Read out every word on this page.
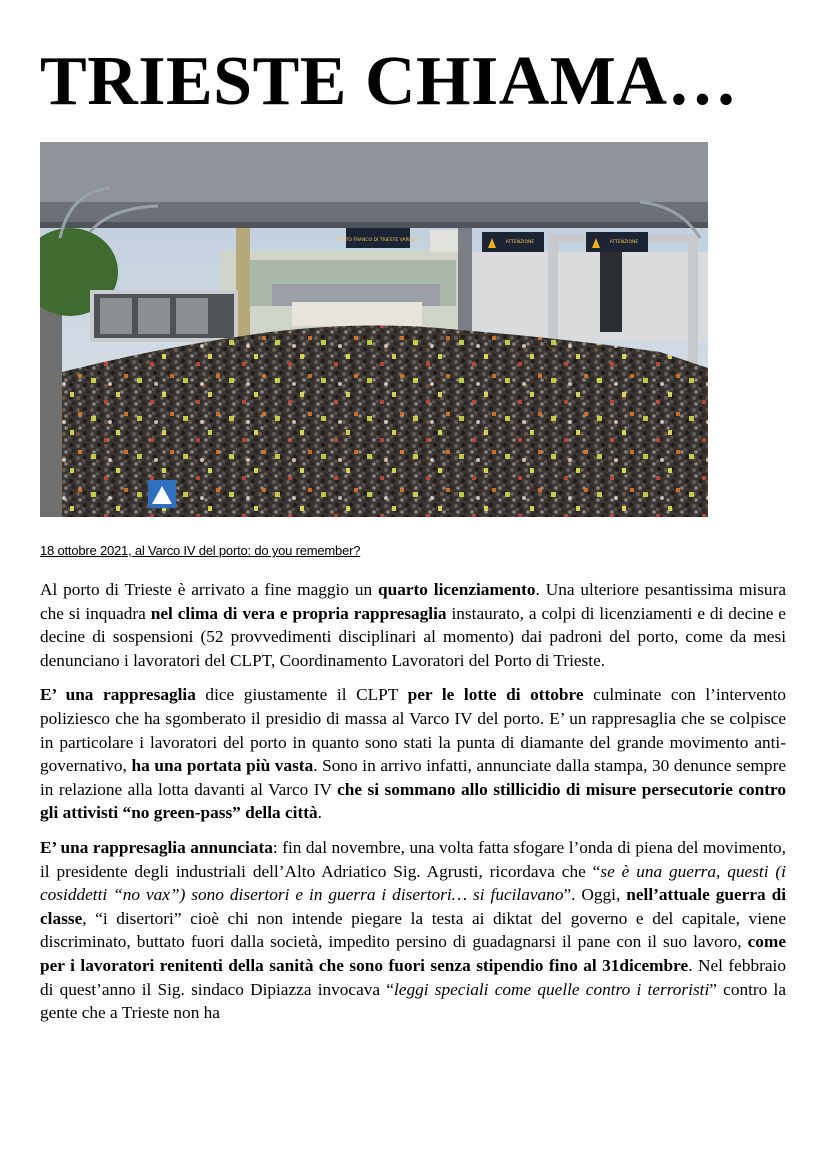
TRIESTE CHIAMA…
PORTO FRANCO DI TRIESTE VARCO 4	ATTENZIONE	ATTENZIONE

18 ottobre 2021, al Varco IV del porto: do you remember?

Al porto di Trieste è arrivato a fine maggio un quarto licenziamento. Una ulteriore pesantissima misura che si inquadra nel clima di vera e propria rappresaglia instaurato, a colpi di licenziamenti e di decine e decine di sospensioni (52 provvedimenti disciplinari al momento) dai padroni del porto, come da mesi denunciano i lavoratori del CLPT, Coordinamento Lavoratori del Porto di Trieste.

E’ una rappresaglia dice giustamente il CLPT per le lotte di ottobre culminate con l’intervento poliziesco che ha sgomberato il presidio di massa al Varco IV del porto. E’ un rappresaglia che se colpisce in particolare i lavoratori del porto in quanto sono stati la punta di diamante del grande movimento anti-governativo, ha una portata più vasta. Sono in arrivo infatti, annunciate dalla stampa, 30 denunce sempre in relazione alla lotta davanti al Varco IV che si sommano allo stillicidio di misure persecutorie contro gli attivisti “no green-pass” della città.

E’ una rappresaglia annunciata: fin dal novembre, una volta fatta sfogare l’onda di piena del movimento, il presidente degli industriali dell’Alto Adriatico Sig. Agrusti, ricordava che “se è una guerra, questi (i cosiddetti “no vax”) sono disertori e in guerra i disertori… si fucilavano”. Oggi, nell’attuale guerra di classe, “i disertori” cioè chi non intende piegare la testa ai diktat del governo e del capitale, viene discriminato, buttato fuori dalla società, impedito persino di guadagnarsi il pane con il suo lavoro, come per i lavoratori renitenti della sanità che sono fuori senza stipendio fino al 31dicembre. Nel febbraio di quest’anno il Sig. sindaco Dipiazza invocava “leggi speciali come quelle contro i terroristi” contro la gente che a Trieste non ha
